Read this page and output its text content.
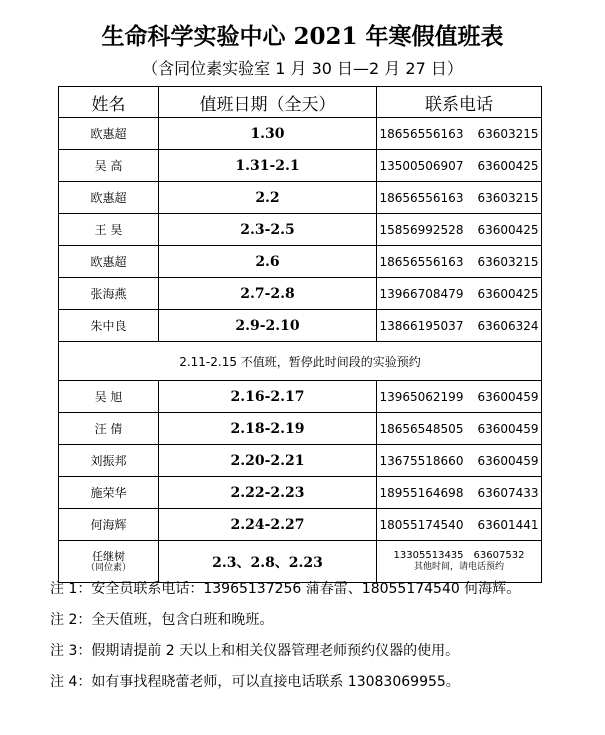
生命科学实验中心 2021 年寒假值班表
（含同位素实验室 1 月 30 日—2 月 27 日）
姓名	值班日期（全天）	联系电话
欧惠超	1.30	18656556163 63603215
吴 高	1.31-2.1	13500506907 63600425
欧惠超	2.2	18656556163 63603215
王 昊	2.3-2.5	15856992528 63600425
欧惠超	2.6	18656556163 63603215
张海燕	2.7-2.8	13966708479 63600425
朱中良	2.9-2.10	13866195037 63606324
2.11-2.15 不值班，暂停此时间段的实验预约		
吴 旭	2.16-2.17	13965062199 63600459
汪 倩	2.18-2.19	18656548505 63600459
刘振邦	2.20-2.21	13675518660 63600459
施荣华	2.22-2.23	18955164698 63607433
何海辉	2.24-2.27	18055174540 63601441

任继树
（同位素）	2.3、2.8、2.23	13305513435 63607532
其他时间，请电话预约
注 1：安全员联系电话：13965137256 蒲春雷、18055174540 何海辉。
注 2：全天值班，包含白班和晚班。
注 3：假期请提前 2 天以上和相关仪器管理老师预约仪器的使用。
注 4：如有事找程晓蕾老师，可以直接电话联系 13083069955。
